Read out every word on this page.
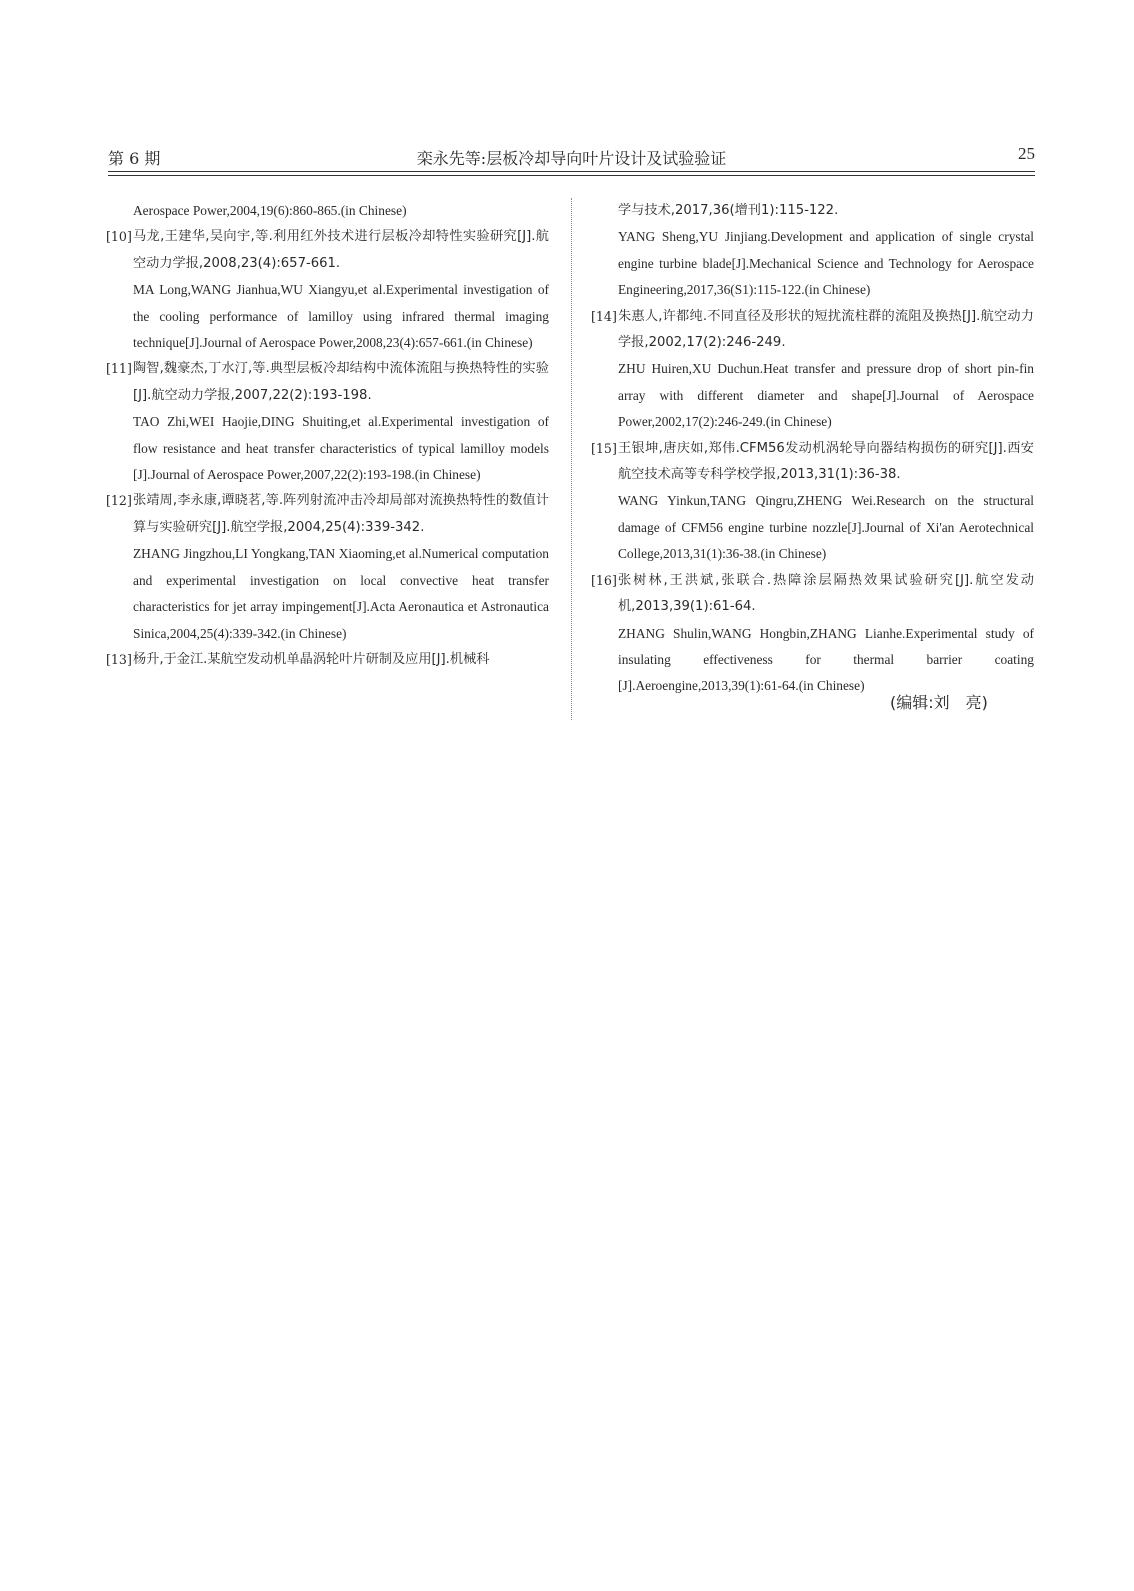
第 6 期	栾永先等:层板冷却导向叶片设计及试验验证	25
Aerospace Power,2004,19(6):860-865.(in Chinese)
[10] 马龙,王建华,吴向宇,等.利用红外技术进行层板冷却特性实验研究[J].航空动力学报,2008,23(4):657-661.
MA Long,WANG Jianhua,WU Xiangyu,et al.Experimental investigation of the cooling performance of lamilloy using infrared thermal imaging technique[J].Journal of Aerospace Power,2008,23(4):657-661.(in Chinese)
[11] 陶智,魏豪杰,丁水汀,等.典型层板冷却结构中流体流阻与换热特性的实验[J].航空动力学报,2007,22(2):193-198.
TAO Zhi,WEI Haojie,DING Shuiting,et al.Experimental investigation of flow resistance and heat transfer characteristics of typical lamilloy models [J].Journal of Aerospace Power,2007,22(2):193-198.(in Chinese)
[12] 张靖周,李永康,谭晓茗,等.阵列射流冲击冷却局部对流换热特性的数值计算与实验研究[J].航空学报,2004,25(4):339-342.
ZHANG Jingzhou,LI Yongkang,TAN Xiaoming,et al.Numerical computation and experimental investigation on local convective heat transfer characteristics for jet array impingement[J].Acta Aeronautica et Astronautica Sinica,2004,25(4):339-342.(in Chinese)
[13] 杨升,于金江.某航空发动机单晶涡轮叶片研制及应用[J].机械科
学与技术,2017,36(增刊1):115-122.
YANG Sheng,YU Jinjiang.Development and application of single crystal engine turbine blade[J].Mechanical Science and Technology for Aerospace Engineering,2017,36(S1):115-122.(in Chinese)
[14] 朱惠人,许都纯.不同直径及形状的短扰流柱群的流阻及换热[J].航空动力学报,2002,17(2):246-249.
ZHU Huiren,XU Duchun.Heat transfer and pressure drop of short pin-fin array with different diameter and shape[J].Journal of Aerospace Power,2002,17(2):246-249.(in Chinese)
[15] 王银坤,唐庆如,郑伟.CFM56发动机涡轮导向器结构损伤的研究[J].西安航空技术高等专科学校学报,2013,31(1):36-38.
WANG Yinkun,TANG Qingru,ZHENG Wei.Research on the structural damage of CFM56 engine turbine nozzle[J].Journal of Xi'an Aerotechnical College,2013,31(1):36-38.(in Chinese)
[16] 张树林,王洪斌,张联合.热障涂层隔热效果试验研究[J].航空发动机,2013,39(1):61-64.
ZHANG Shulin,WANG Hongbin,ZHANG Lianhe.Experimental study of insulating effectiveness for thermal barrier coating [J].Aeroengine,2013,39(1):61-64.(in Chinese)
(编辑:刘　亮)
